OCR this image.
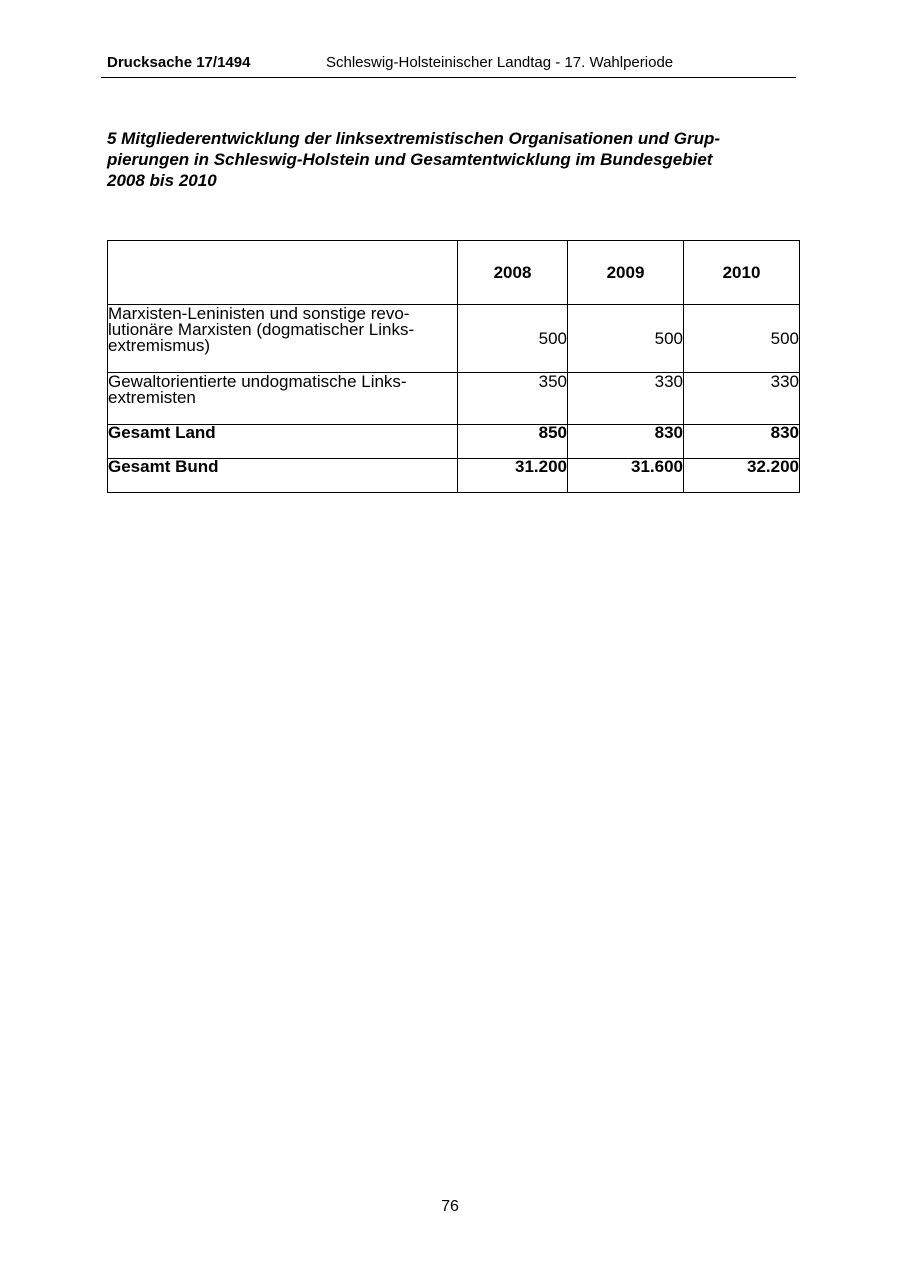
Drucksache 17/1494	Schleswig-Holsteinischer Landtag - 17. Wahlperiode
5 Mitgliederentwicklung der linksextremistischen Organisationen und Grup-
pierungen in Schleswig-Holstein und Gesamtentwicklung im Bundesgebiet
2008 bis 2010
	2008	2009	2010
Marxisten-Leninisten und sonstige revo-
lutionäre Marxisten (dogmatischer Links-
extremismus)	500	500	500
Gewaltorientierte undogmatische Links-
extremisten	350	330	330
Gesamt Land	850	830	830
Gesamt Bund	31.200	31.600	32.200
76
